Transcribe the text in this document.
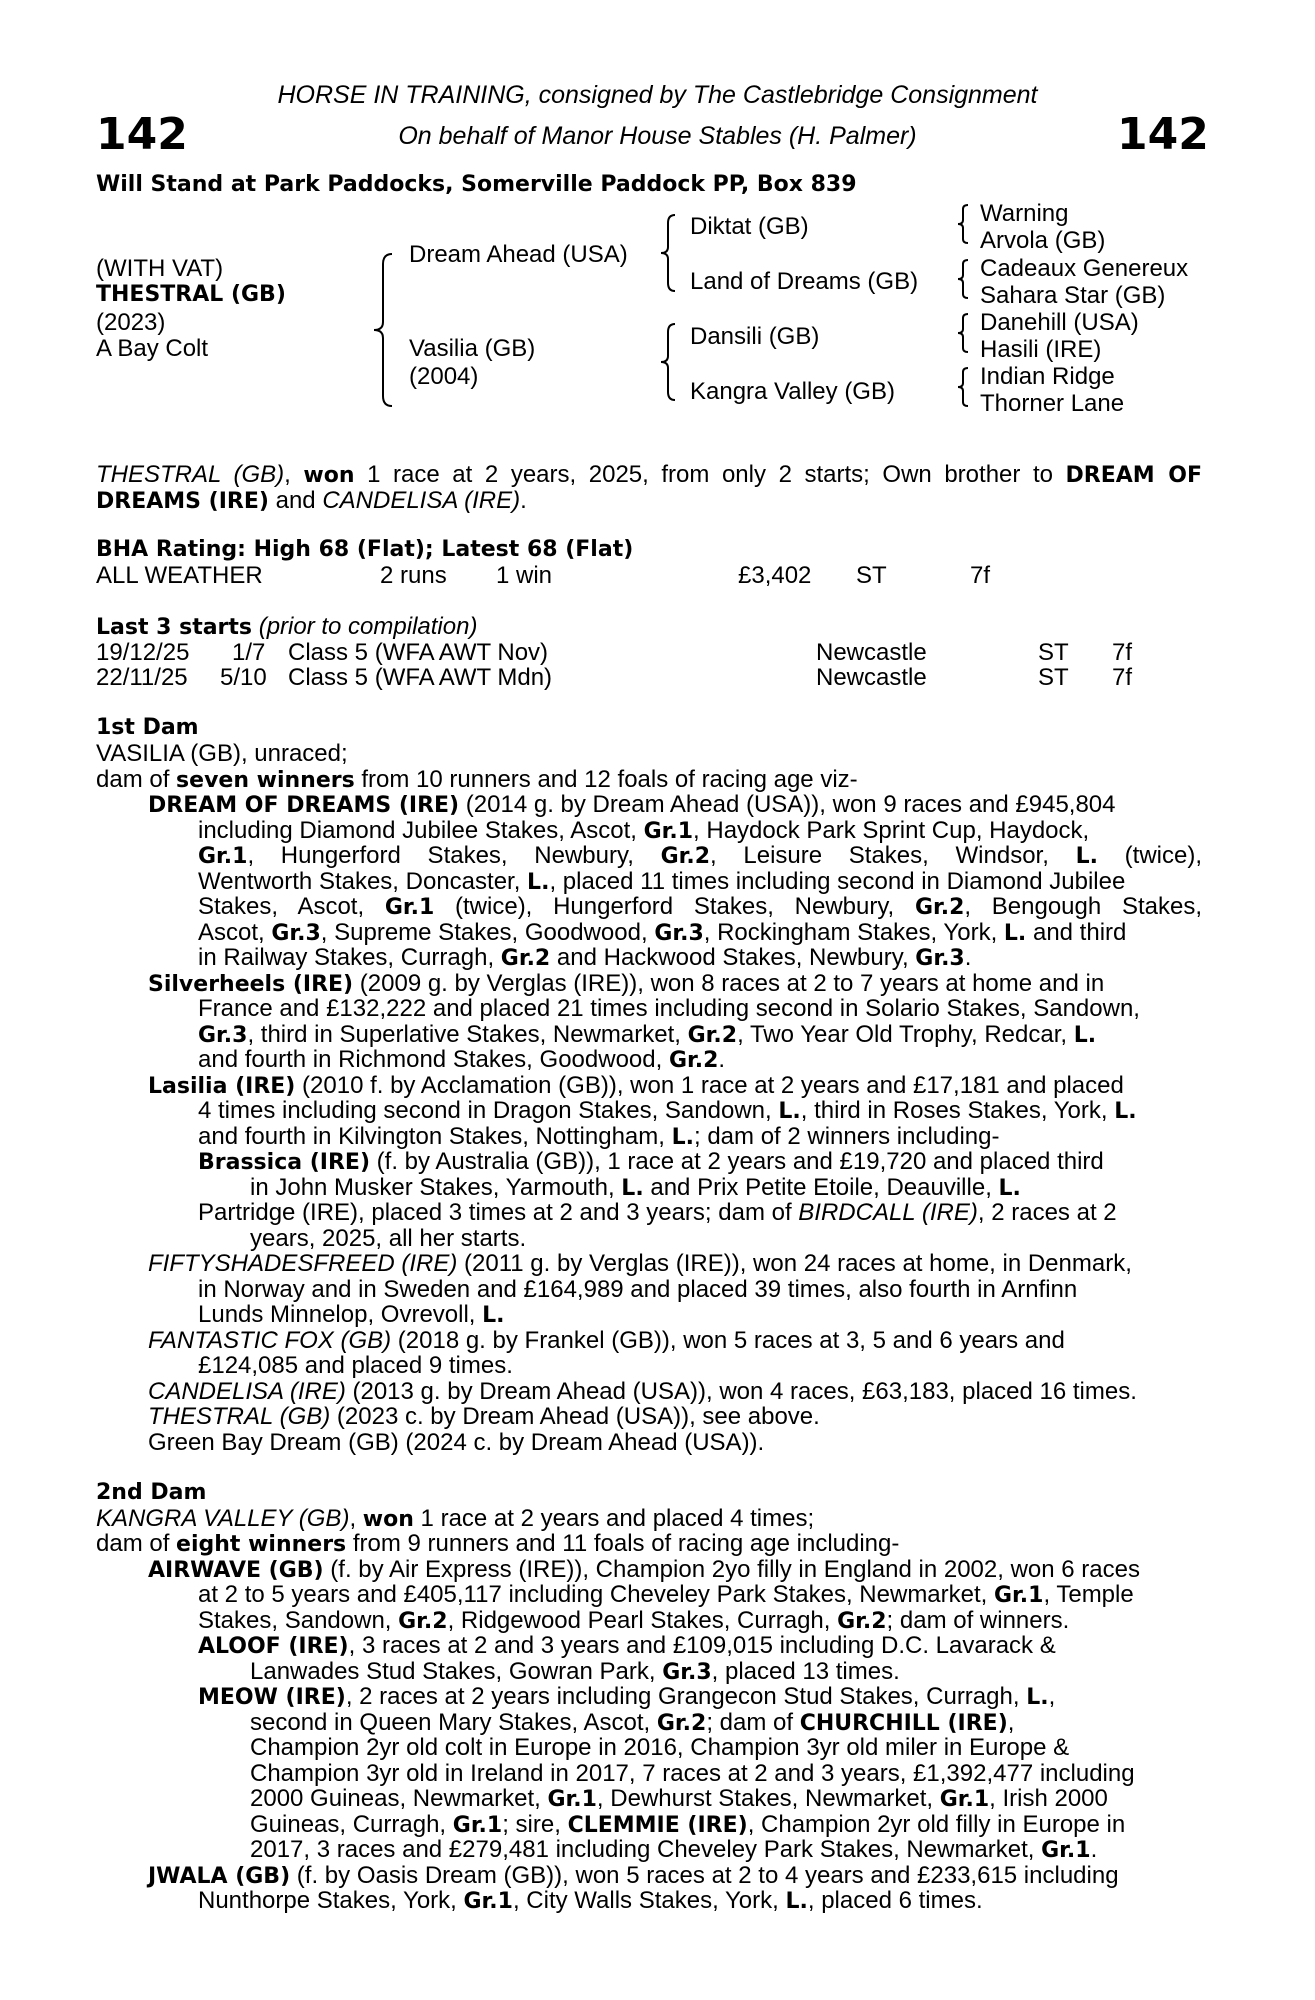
142	142
HORSE IN TRAINING, consigned by The Castlebridge Consignment
On behalf of Manor House Stables (H. Palmer)
Will Stand at Park Paddocks, Somerville Paddock PP, Box 839
(WITH VAT)
THESTRAL (GB)
(2023)
A Bay Colt
Dream Ahead (USA)
Vasilia (GB)
(2004)
Diktat (GB)
Land of Dreams (GB)
Dansili (GB)
Kangra Valley (GB)
Warning
Arvola (GB)
Cadeaux Genereux
Sahara Star (GB)
Danehill (USA)
Hasili (IRE)
Indian Ridge
Thorner Lane
THESTRAL (GB), won 1 race at 2 years, 2025, from only 2 starts; Own brother to DREAM OF DREAMS (IRE) and CANDELISA (IRE).
BHA Rating: High 68 (Flat); Latest 68 (Flat)
ALL WEATHER	2 runs 1 win	£3,402 ST	7f
Last 3 starts (prior to compilation)
19/12/25 1/7 Class 5 (WFA AWT Nov)	Newcastle	ST 7f
22/11/25 5/10 Class 5 (WFA AWT Mdn)	Newcastle	ST 7f
1st Dam
VASILIA (GB), unraced;
dam of seven winners from 10 runners and 12 foals of racing age viz-
DREAM OF DREAMS (IRE) (2014 g. by Dream Ahead (USA)), won 9 races and £945,804
including Diamond Jubilee Stakes, Ascot, Gr.1, Haydock Park Sprint Cup, Haydock,
Gr.1, Hungerford Stakes, Newbury, Gr.2, Leisure Stakes, Windsor, L. (twice),
Wentworth Stakes, Doncaster, L., placed 11 times including second in Diamond Jubilee
Stakes, Ascot, Gr.1 (twice), Hungerford Stakes, Newbury, Gr.2, Bengough Stakes,
Ascot, Gr.3, Supreme Stakes, Goodwood, Gr.3, Rockingham Stakes, York, L. and third
in Railway Stakes, Curragh, Gr.2 and Hackwood Stakes, Newbury, Gr.3.
Silverheels (IRE) (2009 g. by Verglas (IRE)), won 8 races at 2 to 7 years at home and in
France and £132,222 and placed 21 times including second in Solario Stakes, Sandown,
Gr.3, third in Superlative Stakes, Newmarket, Gr.2, Two Year Old Trophy, Redcar, L.
and fourth in Richmond Stakes, Goodwood, Gr.2.
Lasilia (IRE) (2010 f. by Acclamation (GB)), won 1 race at 2 years and £17,181 and placed
4 times including second in Dragon Stakes, Sandown, L., third in Roses Stakes, York, L.
and fourth in Kilvington Stakes, Nottingham, L.; dam of 2 winners including-
Brassica (IRE) (f. by Australia (GB)), 1 race at 2 years and £19,720 and placed third
in John Musker Stakes, Yarmouth, L. and Prix Petite Etoile, Deauville, L.
Partridge (IRE), placed 3 times at 2 and 3 years; dam of BIRDCALL (IRE), 2 races at 2
years, 2025, all her starts.
FIFTYSHADESFREED (IRE) (2011 g. by Verglas (IRE)), won 24 races at home, in Denmark,
in Norway and in Sweden and £164,989 and placed 39 times, also fourth in Arnfinn
Lunds Minnelop, Ovrevoll, L.
FANTASTIC FOX (GB) (2018 g. by Frankel (GB)), won 5 races at 3, 5 and 6 years and
£124,085 and placed 9 times.
CANDELISA (IRE) (2013 g. by Dream Ahead (USA)), won 4 races, £63,183, placed 16 times.
THESTRAL (GB) (2023 c. by Dream Ahead (USA)), see above.
Green Bay Dream (GB) (2024 c. by Dream Ahead (USA)).
2nd Dam
KANGRA VALLEY (GB), won 1 race at 2 years and placed 4 times;
dam of eight winners from 9 runners and 11 foals of racing age including-
AIRWAVE (GB) (f. by Air Express (IRE)), Champion 2yo filly in England in 2002, won 6 races
at 2 to 5 years and £405,117 including Cheveley Park Stakes, Newmarket, Gr.1, Temple
Stakes, Sandown, Gr.2, Ridgewood Pearl Stakes, Curragh, Gr.2; dam of winners.
ALOOF (IRE), 3 races at 2 and 3 years and £109,015 including D.C. Lavarack &
Lanwades Stud Stakes, Gowran Park, Gr.3, placed 13 times.
MEOW (IRE), 2 races at 2 years including Grangecon Stud Stakes, Curragh, L.,
second in Queen Mary Stakes, Ascot, Gr.2; dam of CHURCHILL (IRE),
Champion 2yr old colt in Europe in 2016, Champion 3yr old miler in Europe &
Champion 3yr old in Ireland in 2017, 7 races at 2 and 3 years, £1,392,477 including
2000 Guineas, Newmarket, Gr.1, Dewhurst Stakes, Newmarket, Gr.1, Irish 2000
Guineas, Curragh, Gr.1; sire, CLEMMIE (IRE), Champion 2yr old filly in Europe in
2017, 3 races and £279,481 including Cheveley Park Stakes, Newmarket, Gr.1.
JWALA (GB) (f. by Oasis Dream (GB)), won 5 races at 2 to 4 years and £233,615 including
Nunthorpe Stakes, York, Gr.1, City Walls Stakes, York, L., placed 6 times.
